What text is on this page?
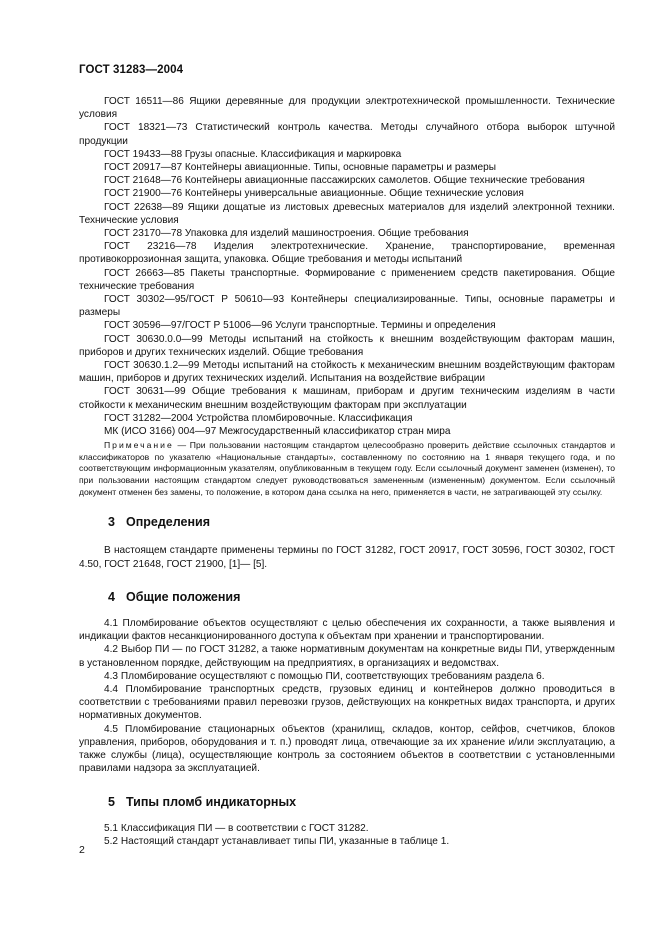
ГОСТ 31283—2004

ГОСТ 16511—86 Ящики деревянные для продукции электротехнической промышленности. Технические условия

ГОСТ 18321—73 Статистический контроль качества. Методы случайного отбора выборок штучной продукции

ГОСТ 19433—88 Грузы опасные. Классификация и маркировка

ГОСТ 20917—87 Контейнеры авиационные. Типы, основные параметры и размеры

ГОСТ 21648—76 Контейнеры авиационные пассажирских самолетов. Общие технические требования

ГОСТ 21900—76 Контейнеры универсальные авиационные. Общие технические условия

ГОСТ 22638—89 Ящики дощатые из листовых древесных материалов для изделий электронной техники. Технические условия

ГОСТ 23170—78 Упаковка для изделий машиностроения. Общие требования

ГОСТ 23216—78 Изделия электротехнические. Хранение, транспортирование, временная противокоррозионная защита, упаковка. Общие требования и методы испытаний

ГОСТ 26663—85 Пакеты транспортные. Формирование с применением средств пакетирования. Общие технические требования

ГОСТ 30302—95/ГОСТ Р 50610—93 Контейнеры специализированные. Типы, основные параметры и размеры

ГОСТ 30596—97/ГОСТ Р 51006—96 Услуги транспортные. Термины и определения

ГОСТ 30630.0.0—99 Методы испытаний на стойкость к внешним воздействующим факторам машин, приборов и других технических изделий. Общие требования

ГОСТ 30630.1.2—99 Методы испытаний на стойкость к механическим внешним воздействующим факторам машин, приборов и других технических изделий. Испытания на воздействие вибрации

ГОСТ 30631—99 Общие требования к машинам, приборам и другим техническим изделиям в части стойкости к механическим внешним воздействующим факторам при эксплуатации

ГОСТ 31282—2004 Устройства пломбировочные. Классификация

МК (ИСО 3166) 004—97 Межгосударственный классификатор стран мира

Примечание — При пользовании настоящим стандартом целесообразно проверить действие ссылочных стандартов и классификаторов по указателю «Национальные стандарты», составленному по состоянию на 1 января текущего года, и по соответствующим информационным указателям, опубликованным в текущем году. Если ссылочный документ заменен (изменен), то при пользовании настоящим стандартом следует руководствоваться замененным (измененным) документом. Если ссылочный документ отменен без замены, то положение, в котором дана ссылка на него, применяется в части, не затрагивающей эту ссылку.

3 Определения

В настоящем стандарте применены термины по ГОСТ 31282, ГОСТ 20917, ГОСТ 30596, ГОСТ 30302, ГОСТ 4.50, ГОСТ 21648, ГОСТ 21900, [1]— [5].

4 Общие положения

4.1 Пломбирование объектов осуществляют с целью обеспечения их сохранности, а также выявления и индикации фактов несанкционированного доступа к объектам при хранении и транспортировании.

4.2 Выбор ПИ — по ГОСТ 31282, а также нормативным документам на конкретные виды ПИ, утвержденным в установленном порядке, действующим на предприятиях, в организациях и ведомствах.

4.3 Пломбирование осуществляют с помощью ПИ, соответствующих требованиям раздела 6.

4.4 Пломбирование транспортных средств, грузовых единиц и контейнеров должно проводиться в соответствии с требованиями правил перевозки грузов, действующих на конкретных видах транспорта, и других нормативных документов.

4.5 Пломбирование стационарных объектов (хранилищ, складов, контор, сейфов, счетчиков, блоков управления, приборов, оборудования и т. п.) проводят лица, отвечающие за их хранение и/или эксплуатацию, а также службы (лица), осуществляющие контроль за состоянием объектов в соответствии с установленными правилами надзора за эксплуатацией.

5 Типы пломб индикаторных

5.1 Классификация ПИ — в соответствии с ГОСТ 31282.

5.2 Настоящий стандарт устанавливает типы ПИ, указанные в таблице 1.

2
